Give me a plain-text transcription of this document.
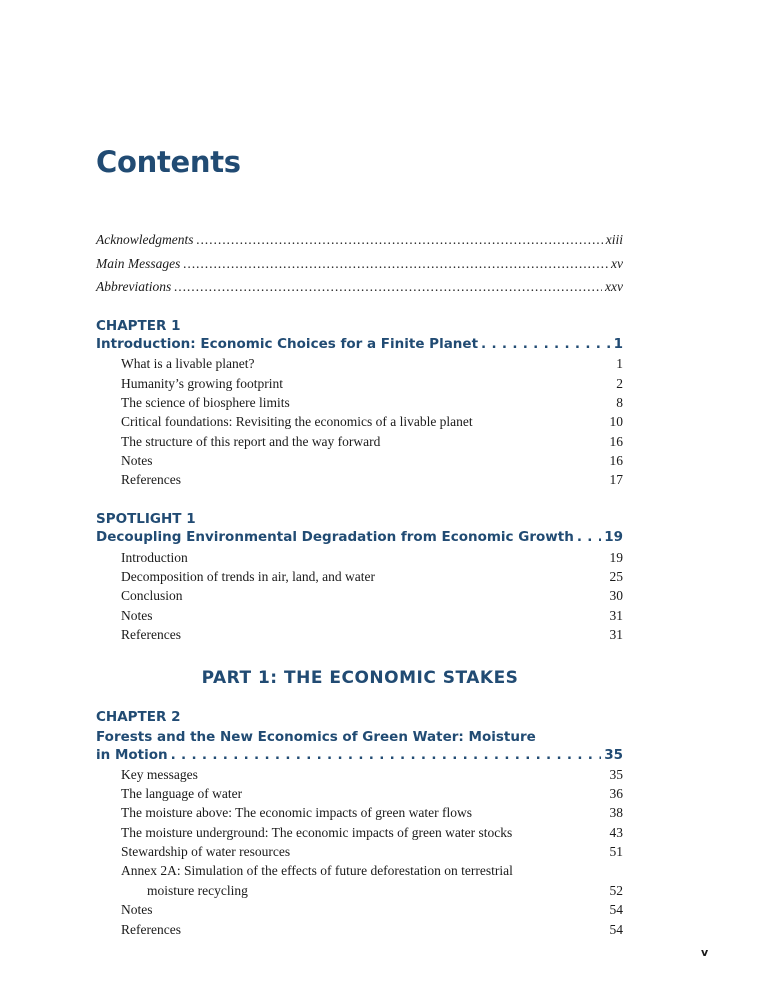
Contents
Acknowledgments . . .	xiii
Main Messages . . .	xv
Abbreviations . . .	xxv
CHAPTER 1
Introduction: Economic Choices for a Finite Planet . . .	1
What is a livable planet?	1
Humanity’s growing footprint	2
The science of biosphere limits	8
Critical foundations: Revisiting the economics of a livable planet	10
The structure of this report and the way forward	16
Notes	16
References	17
SPOTLIGHT 1
Decoupling Environmental Degradation from Economic Growth . . . 19
Introduction	19
Decomposition of trends in air, land, and water	25
Conclusion	30
Notes	31
References	31
PART 1: THE ECONOMIC STAKES
CHAPTER 2
Forests and the New Economics of Green Water: Moisture
in Motion . . .	35
Key messages	35
The language of water	36
The moisture above: The economic impacts of green water flows	38
The moisture underground: The economic impacts of green water stocks	43
Stewardship of water resources	51
Annex 2A: Simulation of the effects of future deforestation on terrestrial
moisture recycling	52
Notes	54
References	54
v
